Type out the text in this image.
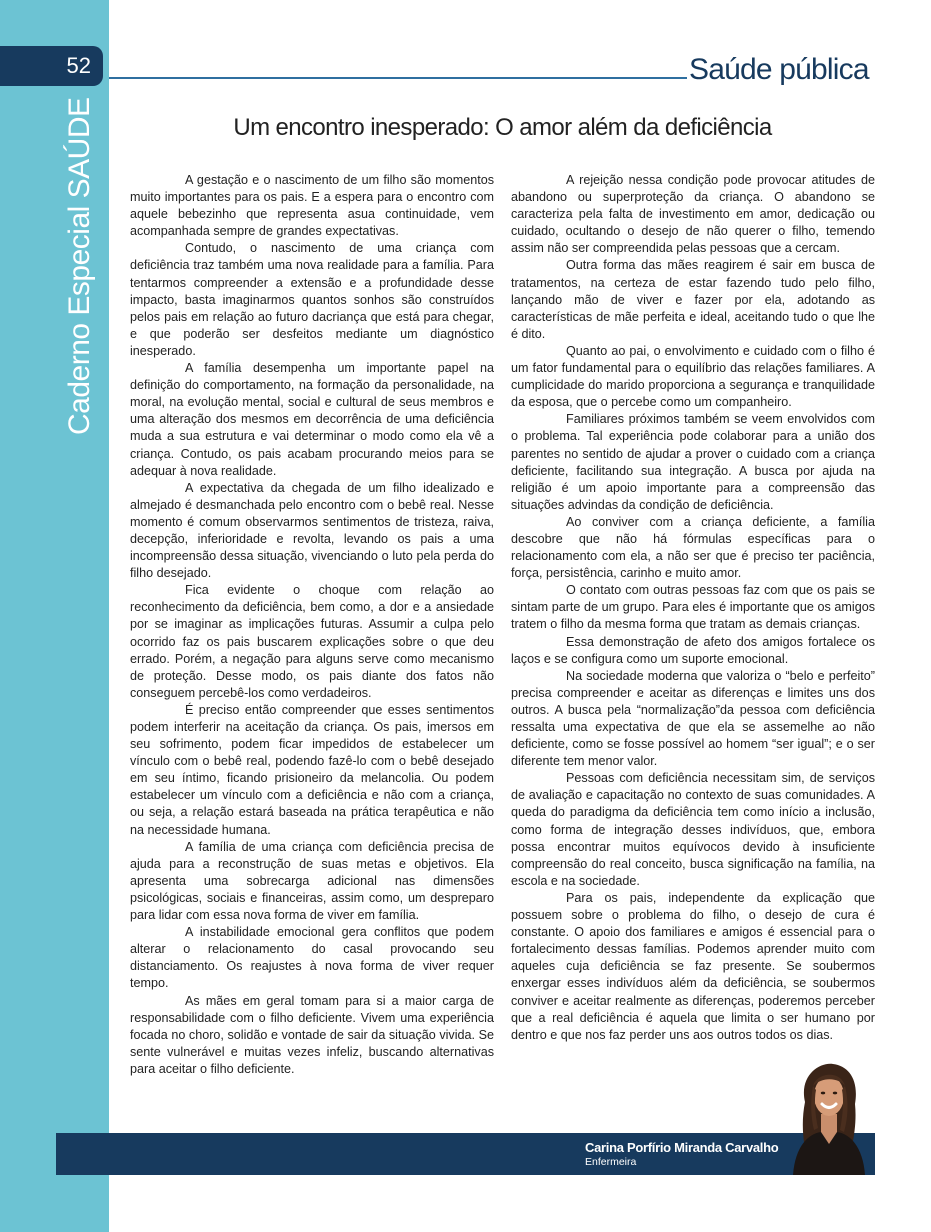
52
Caderno Especial SAÚDE
Saúde pública
Um encontro inesperado: O amor além da deficiência

A gestação e o nascimento de um filho são momentos muito importantes para os pais. E a espera para o encontro com aquele bebezinho que representa asua continuidade, vem acompanhada sempre de grandes expectativas.

Contudo, o nascimento de uma criança com deficiência traz também uma nova realidade para a família. Para tentarmos compreender a extensão e a profundidade desse impacto, basta imaginarmos quantos sonhos são construídos pelos pais em relação ao futuro dacriança que está para chegar, e que poderão ser desfeitos mediante um diagnóstico inesperado.

A família desempenha um importante papel na definição do comportamento, na formação da personalidade, na moral, na evolução mental, social e cultural de seus membros e uma alteração dos mesmos em decorrência de uma deficiência muda a sua estrutura e vai determinar o modo como ela vê a criança. Contudo, os pais acabam procurando meios para se adequar à nova realidade.

A expectativa da chegada de um filho idealizado e almejado é desmanchada pelo encontro com o bebê real. Nesse momento é comum observarmos sentimentos de tristeza, raiva, decepção, inferioridade e revolta, levando os pais a uma incompreensão dessa situação, vivenciando o luto pela perda do filho desejado.

Fica evidente o choque com relação ao reconhecimento da deficiência, bem como, a dor e a ansiedade por se imaginar as implicações futuras. Assumir a culpa pelo ocorrido faz os pais buscarem explicações sobre o que deu errado. Porém, a negação para alguns serve como mecanismo de proteção. Desse modo, os pais diante dos fatos não conseguem percebê-los como verdadeiros.

É preciso então compreender que esses sentimentos podem interferir na aceitação da criança. Os pais, imersos em seu sofrimento, podem ficar impedidos de estabelecer um vínculo com o bebê real, podendo fazê-lo com o bebê desejado em seu íntimo, ficando prisioneiro da melancolia. Ou podem estabelecer um vínculo com a deficiência e não com a criança, ou seja, a relação estará baseada na prática terapêutica e não na necessidade humana.

A família de uma criança com deficiência precisa de ajuda para a reconstrução de suas metas e objetivos. Ela apresenta uma sobrecarga adicional nas dimensões psicológicas, sociais e financeiras, assim como, um despreparo para lidar com essa nova forma de viver em família.

A instabilidade emocional gera conflitos que podem alterar o relacionamento do casal provocando seu distanciamento. Os reajustes à nova forma de viver requer tempo.

As mães em geral tomam para si a maior carga de responsabilidade com o filho deficiente. Vivem uma experiência focada no choro, solidão e vontade de sair da situação vivida. Se sente vulnerável e muitas vezes infeliz, buscando alternativas para aceitar o filho deficiente.

A rejeição nessa condição pode provocar atitudes de abandono ou superproteção da criança. O abandono se caracteriza pela falta de investimento em amor, dedicação ou cuidado, ocultando o desejo de não querer o filho, temendo assim não ser compreendida pelas pessoas que a cercam.

Outra forma das mães reagirem é sair em busca de tratamentos, na certeza de estar fazendo tudo pelo filho, lançando mão de viver e fazer por ela, adotando as características de mãe perfeita e ideal, aceitando tudo o que lhe é dito.

Quanto ao pai, o envolvimento e cuidado com o filho é um fator fundamental para o equilíbrio das relações familiares. A cumplicidade do marido proporciona a segurança e tranquilidade da esposa, que o percebe como um companheiro.

Familiares próximos também se veem envolvidos com o problema. Tal experiência pode colaborar para a união dos parentes no sentido de ajudar a prover o cuidado com a criança deficiente, facilitando sua integração. A busca por ajuda na religião é um apoio importante para a compreensão das situações advindas da condição de deficiência.

Ao conviver com a criança deficiente, a família descobre que não há fórmulas específicas para o relacionamento com ela, a não ser que é preciso ter paciência, força, persistência, carinho e muito amor.

O contato com outras pessoas faz com que os pais se sintam parte de um grupo. Para eles é importante que os amigos tratem o filho da mesma forma que tratam as demais crianças.

Essa demonstração de afeto dos amigos fortalece os laços e se configura como um suporte emocional.

Na sociedade moderna que valoriza o “belo e perfeito” precisa compreender e aceitar as diferenças e limites uns dos outros. A busca pela “normalização”da pessoa com deficiência ressalta uma expectativa de que ela se assemelhe ao não deficiente, como se fosse possível ao homem “ser igual”; e o ser diferente tem menor valor.

Pessoas com deficiência necessitam sim, de serviços de avaliação e capacitação no contexto de suas comunidades. A queda do paradigma da deficiência tem como início a inclusão, como forma de integração desses indivíduos, que, embora possa encontrar muitos equívocos devido à insuficiente compreensão do real conceito, busca significação na família, na escola e na sociedade.

Para os pais, independente da explicação que possuem sobre o problema do filho, o desejo de cura é constante. O apoio dos familiares e amigos é essencial para o fortalecimento dessas famílias. Podemos aprender muito com aqueles cuja deficiência se faz presente. Se soubermos enxergar esses indivíduos além da deficiência, se soubermos conviver e aceitar realmente as diferenças, poderemos perceber que a real deficiência é aquela que limita o ser humano por dentro e que nos faz perder uns aos outros todos os dias.

Carina Porfírio Miranda Carvalho
Enfermeira
